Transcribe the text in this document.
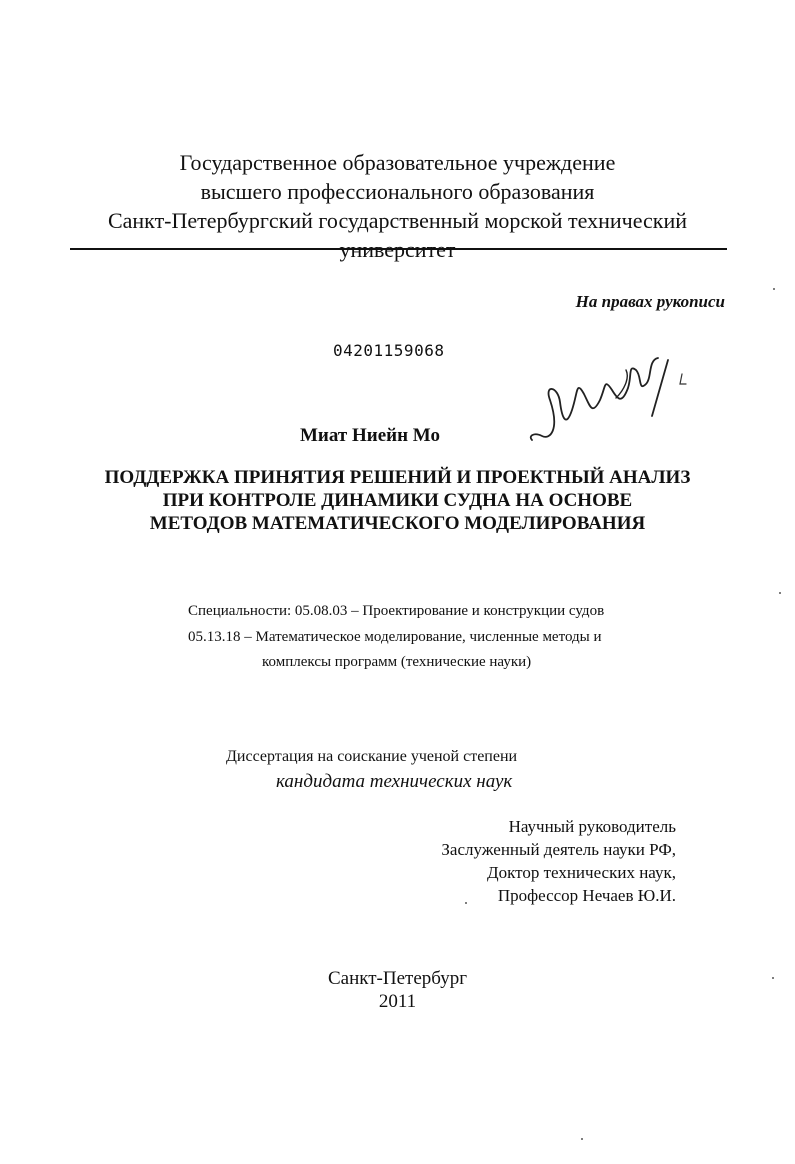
Государственное образовательное учреждение
высшего профессионального образования
Санкт-Петербургский государственный морской технический
университет
На правах рукописи
04201159068
Миат Ниейн Мо
ПОДДЕРЖКА ПРИНЯТИЯ РЕШЕНИЙ И ПРОЕКТНЫЙ АНАЛИЗ
ПРИ КОНТРОЛЕ ДИНАМИКИ СУДНА НА ОСНОВЕ
МЕТОДОВ МАТЕМАТИЧЕСКОГО МОДЕЛИРОВАНИЯ
Специальности: 05.08.03 – Проектирование и конструкции судов
05.13.18 – Математическое моделирование, численные методы и
комплексы программ (технические науки)
Диссертация на соискание ученой степени
кандидата технических наук
Научный руководитель
Заслуженный деятель науки РФ,
Доктор технических наук,
Профессор Нечаев Ю.И.
Санкт-Петербург
2011
